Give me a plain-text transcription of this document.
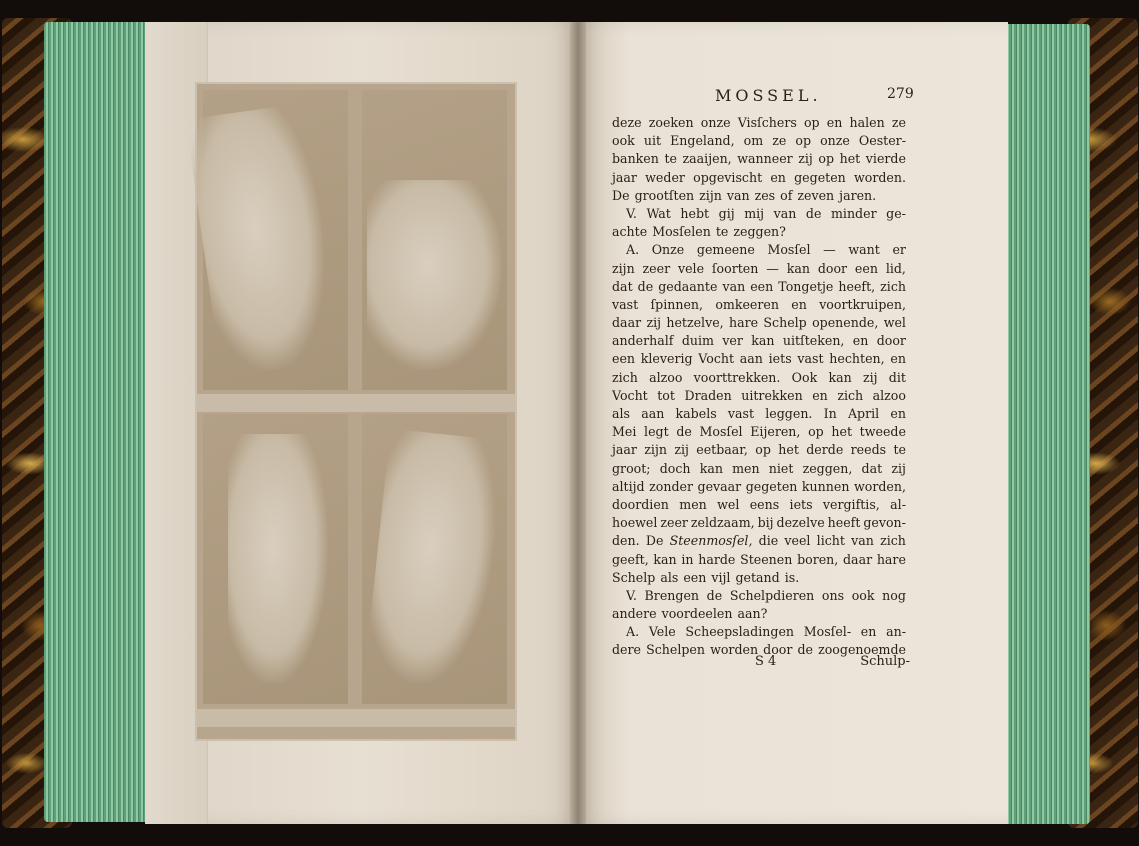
MOSSEL.	279
deze zoeken onze Visſchers op en halen ze
ook uit Engeland, om ze op onze Oester-
banken te zaaijen, wanneer zij op het vierde
jaar weder opgevischt en gegeten worden.
De grootſten zijn van zes of zeven jaren.
V. Wat hebt gij mij van de minder ge-
achte Mosſelen te zeggen?
A. Onze gemeene Mosſel — want er
zijn zeer vele ſoorten — kan door een lid,
dat de gedaante van een Tongetje heeft, zich
vast ſpinnen, omkeeren en voortkruipen,
daar zij hetzelve, hare Schelp openende, wel
anderhalf duim ver kan uitſteken, en door
een kleverig Vocht aan iets vast hechten, en
zich alzoo voorttrekken. Ook kan zij dit
Vocht tot Draden uitrekken en zich alzoo
als aan kabels vast leggen. In April en
Mei legt de Mosſel Eijeren, op het tweede
jaar zijn zij eetbaar, op het derde reeds te
groot; doch kan men niet zeggen, dat zij
altijd zonder gevaar gegeten kunnen worden,
doordien men wel eens iets vergiftis, al-
hoewel zeer zeldzaam, bij dezelve heeft gevon-
den. De Steenmosſel, die veel licht van zich
geeft, kan in harde Steenen boren, daar hare
Schelp als een vijl getand is.
V. Brengen de Schelpdieren ons ook nog
andere voordeelen aan?
A. Vele Scheepsladingen Mosſel- en an-
dere Schelpen worden door de zoogenoemde
S 4	Schulp-
